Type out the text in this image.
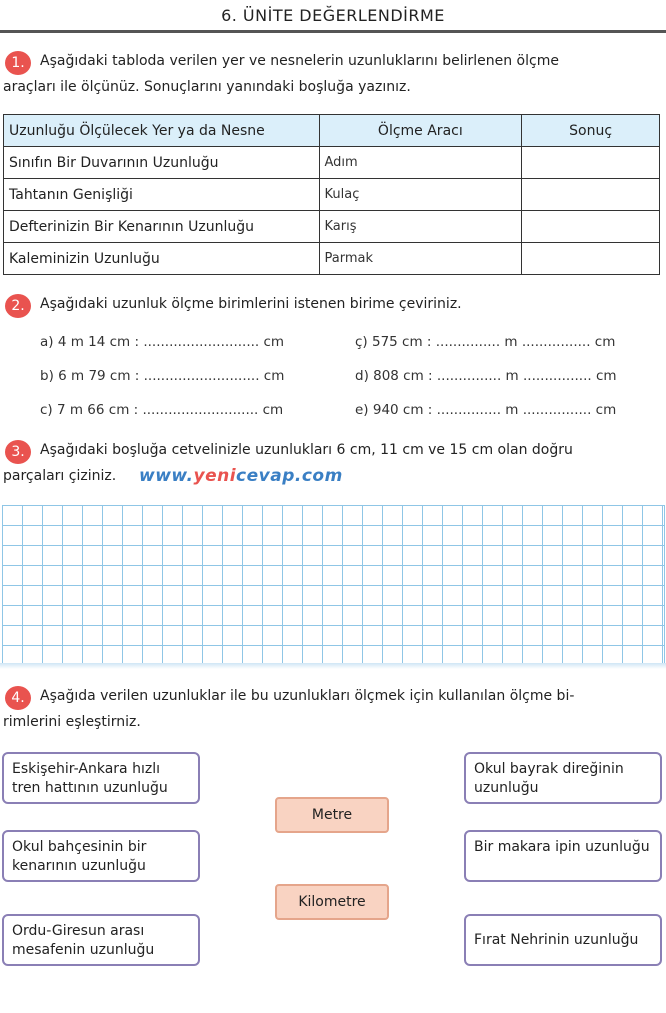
6. ÜNİTE DEĞERLENDİRME
1.	Aşağıdaki tabloda verilen yer ve nesnelerin uzunluklarını belirlenen ölçme
araçları ile ölçünüz. Sonuçlarını yanındaki boşluğa yazınız.
Uzunluğu Ölçülecek Yer ya da Nesne	Ölçme Aracı	Sonuç
Sınıfın Bir Duvarının Uzunluğu	Adım	
Tahtanın Genişliği	Kulaç	
Defterinizin Bir Kenarının Uzunluğu	Karış	
Kaleminizin Uzunluğu	Parmak	
2.	Aşağıdaki uzunluk ölçme birimlerini istenen birime çeviriniz.
a) 4 m 14 cm : ........................... cm
b) 6 m 79 cm : ........................... cm
c) 7 m 66 cm : ........................... cm
ç) 575 cm : ............... m ................ cm
d) 808 cm : ............... m ................ cm
e) 940 cm : ............... m ................ cm
3.	Aşağıdaki boşluğa cetvelinizle uzunlukları 6 cm, 11 cm ve 15 cm olan doğru
parçaları çiziniz. www.yenicevap.com
4.	Aşağıda verilen uzunluklar ile bu uzunlukları ölçmek için kullanılan ölçme bi-
rimlerini eşleştirniz.
Eskişehir-Ankara hızlı tren hattının uzunluğu
Okul bahçesinin bir kenarının uzunluğu
Ordu-Giresun arası mesafenin uzunluğu
Metre
Kilometre
Okul bayrak direğinin uzunluğu
Bir makara ipin uzunluğu
Fırat Nehrinin uzunluğu
